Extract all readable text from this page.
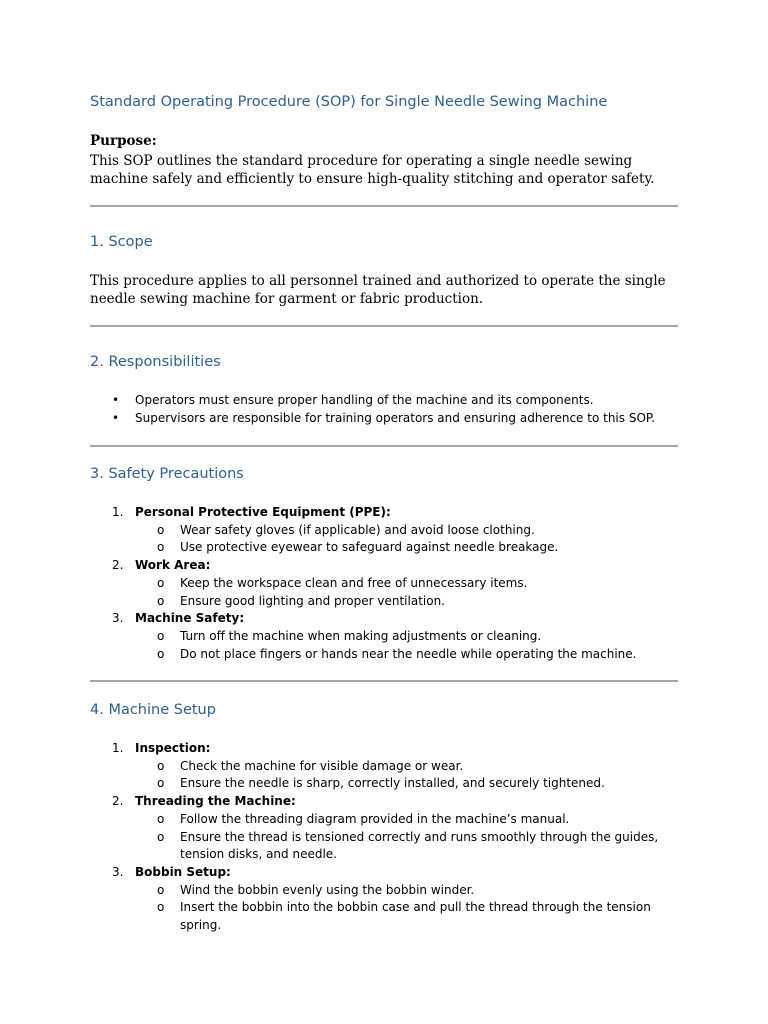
Standard Operating Procedure (SOP) for Single Needle Sewing Machine
Purpose:

This SOP outlines the standard procedure for operating a single needle sewing machine safely and efficiently to ensure high-quality stitching and operator safety.

1. Scope

This procedure applies to all personnel trained and authorized to operate the single needle sewing machine for garment or fabric production.

2. Responsibilities
• Operators must ensure proper handling of the machine and its components.
• Supervisors are responsible for training operators and ensuring adherence to this SOP.
3. Safety Precautions
1. Personal Protective Equipment (PPE):
o Wear safety gloves (if applicable) and avoid loose clothing.
o Use protective eyewear to safeguard against needle breakage.
2. Work Area:
o Keep the workspace clean and free of unnecessary items.
o Ensure good lighting and proper ventilation.
3. Machine Safety:
o Turn off the machine when making adjustments or cleaning.
o Do not place fingers or hands near the needle while operating the machine.
4. Machine Setup
1. Inspection:
o Check the machine for visible damage or wear.
o Ensure the needle is sharp, correctly installed, and securely tightened.
2. Threading the Machine:
o Follow the threading diagram provided in the machine’s manual.
o Ensure the thread is tensioned correctly and runs smoothly through the guides, tension disks, and needle.
3. Bobbin Setup:
o Wind the bobbin evenly using the bobbin winder.
o Insert the bobbin into the bobbin case and pull the thread through the tension spring.
